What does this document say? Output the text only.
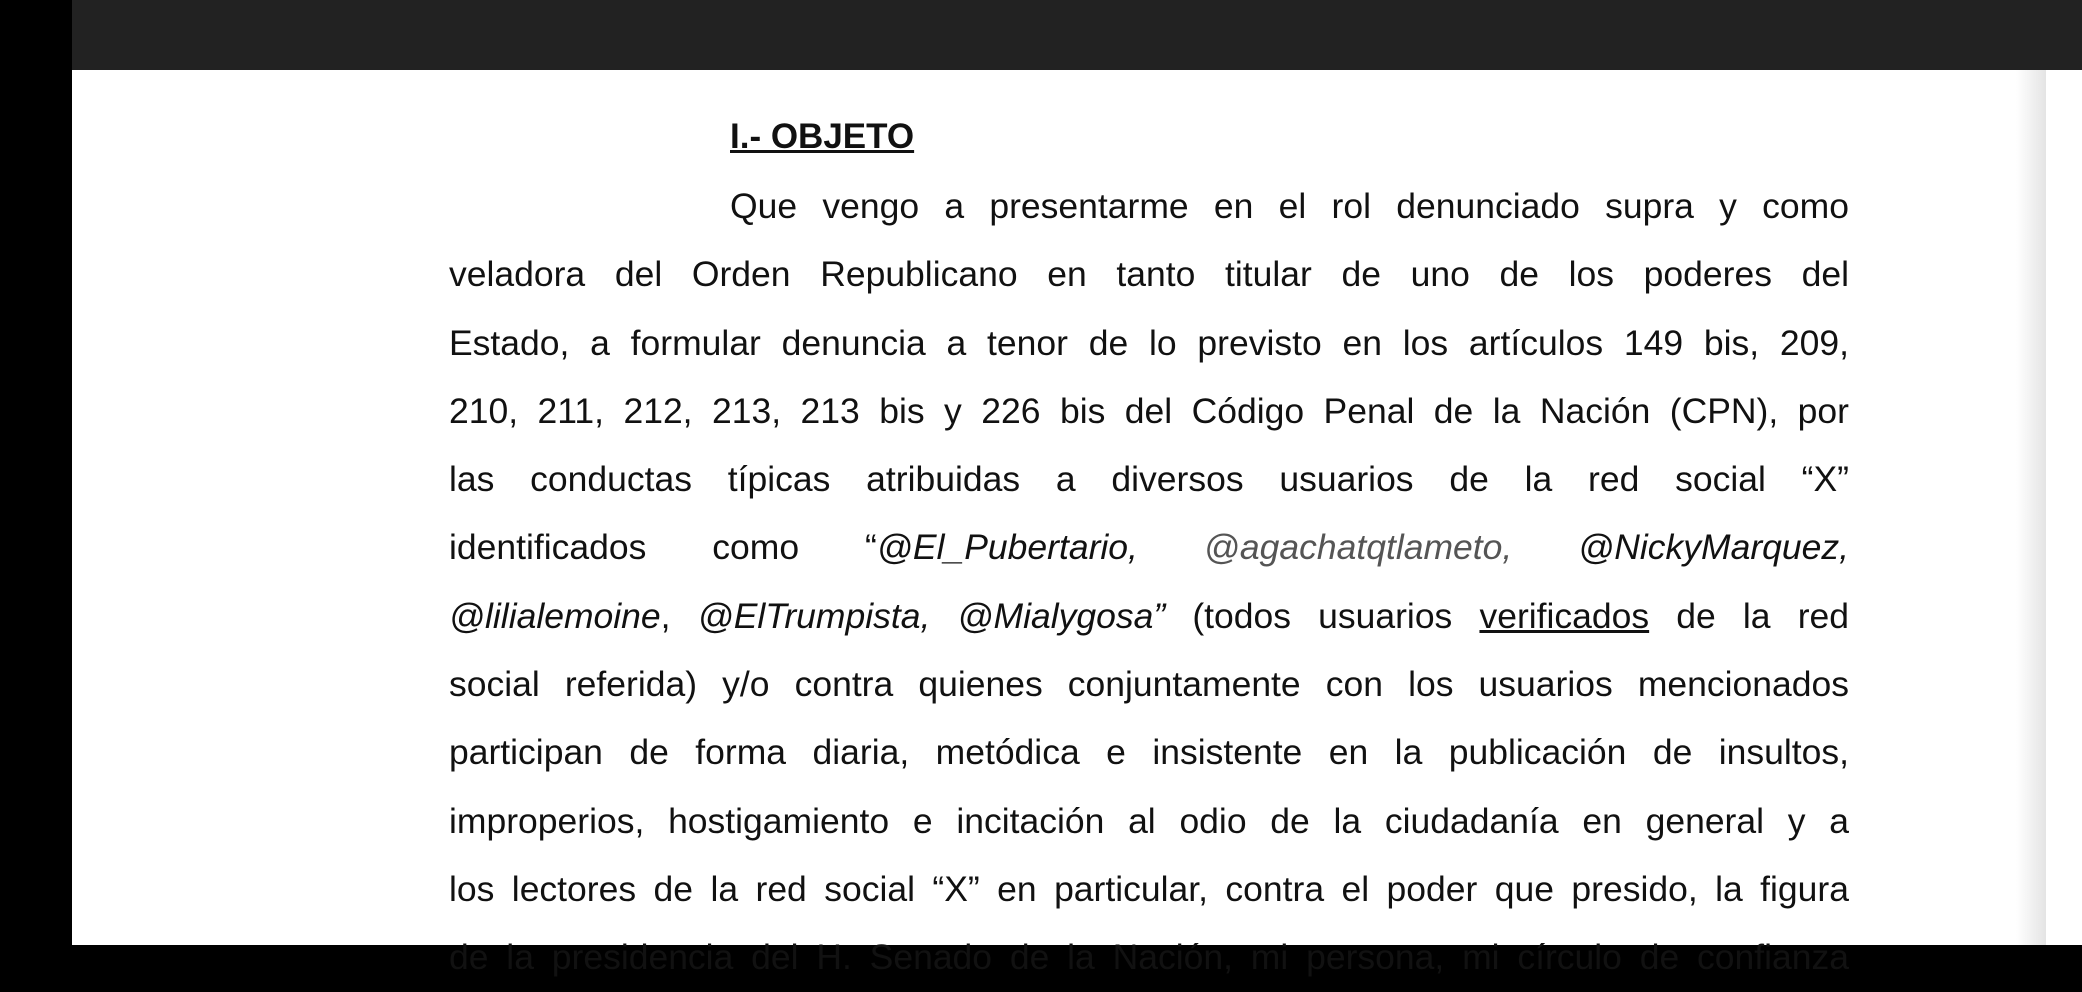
I.- OBJETO
Que vengo a presentarme en el rol denunciado supra y como
veladora del Orden Republicano en tanto titular de uno de los poderes del
Estado, a formular denuncia a tenor de lo previsto en los artículos 149 bis, 209,
210, 211, 212, 213, 213 bis y 226 bis del Código Penal de la Nación (CPN), por
las conductas típicas atribuidas a diversos usuarios de la red social “X”
identificados como “@El_Pubertario, @agachatqtlameto, @NickyMarquez,
@lilialemoine, @ElTrumpista, @Mialygosa” (todos usuarios verificados de la red
social referida) y/o contra quienes conjuntamente con los usuarios mencionados
participan de forma diaria, metódica e insistente en la publicación de insultos,
improperios, hostigamiento e incitación al odio de la ciudadanía en general y a
los lectores de la red social “X” en particular, contra el poder que presido, la figura
de la presidencia del H. Senado de la Nación, mi persona, mi círculo de confianza
